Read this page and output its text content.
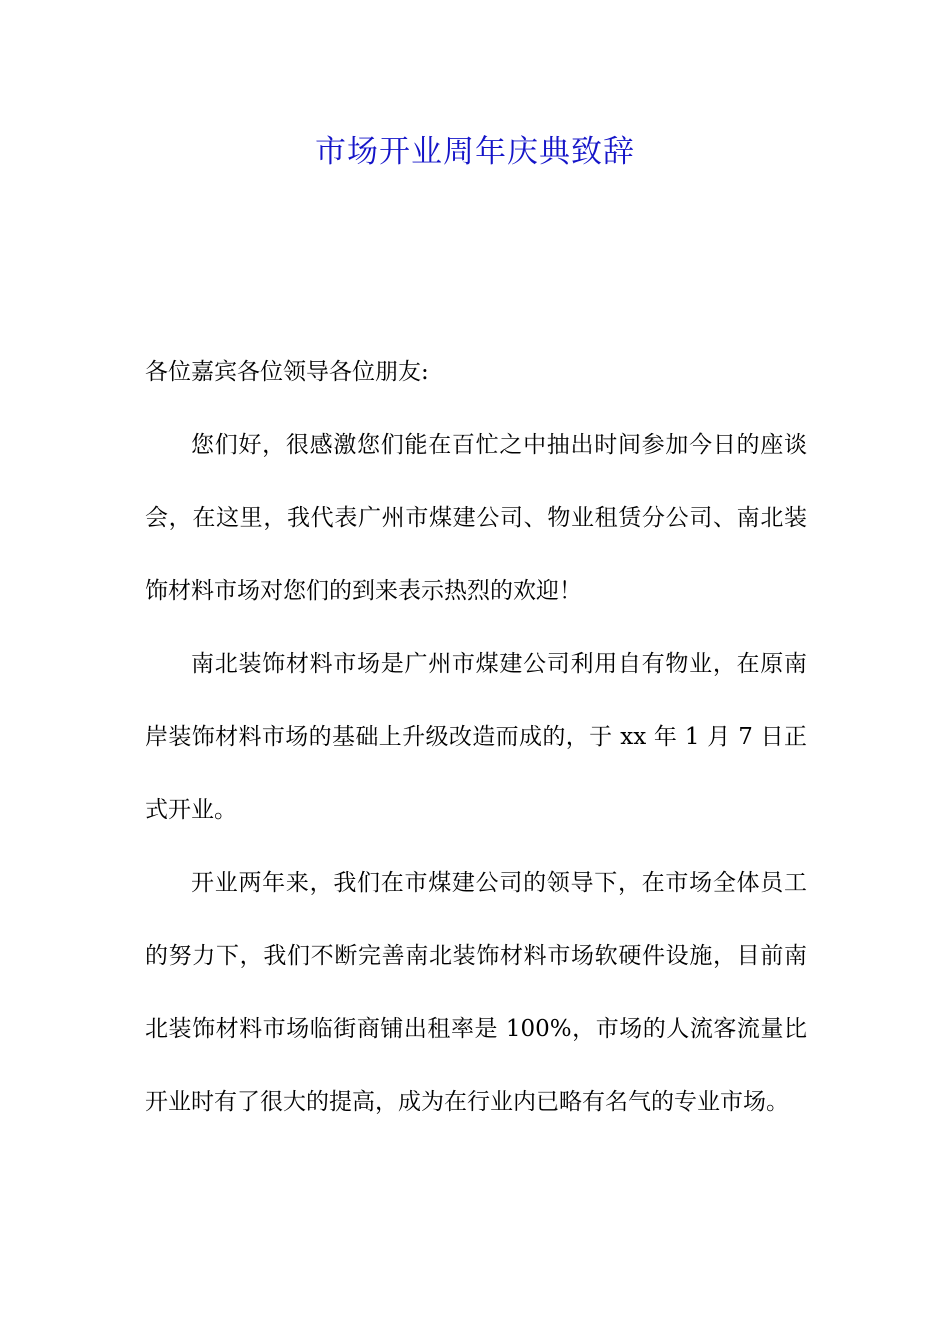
市场开业周年庆典致辞

各位嘉宾各位领导各位朋友:

您们好，很感激您们能在百忙之中抽出时间参加今日的座谈会，在这里，我代表广州市煤建公司、物业租赁分公司、南北装饰材料市场对您们的到来表示热烈的欢迎！

南北装饰材料市场是广州市煤建公司利用自有物业，在原南岸装饰材料市场的基础上升级改造而成的，于 xx 年 1 月 7 日正式开业。

开业两年来，我们在市煤建公司的领导下，在市场全体员工的努力下，我们不断完善南北装饰材料市场软硬件设施，目前南北装饰材料市场临街商铺出租率是 100%，市场的人流客流量比开业时有了很大的提高，成为在行业内已略有名气的专业市场。
